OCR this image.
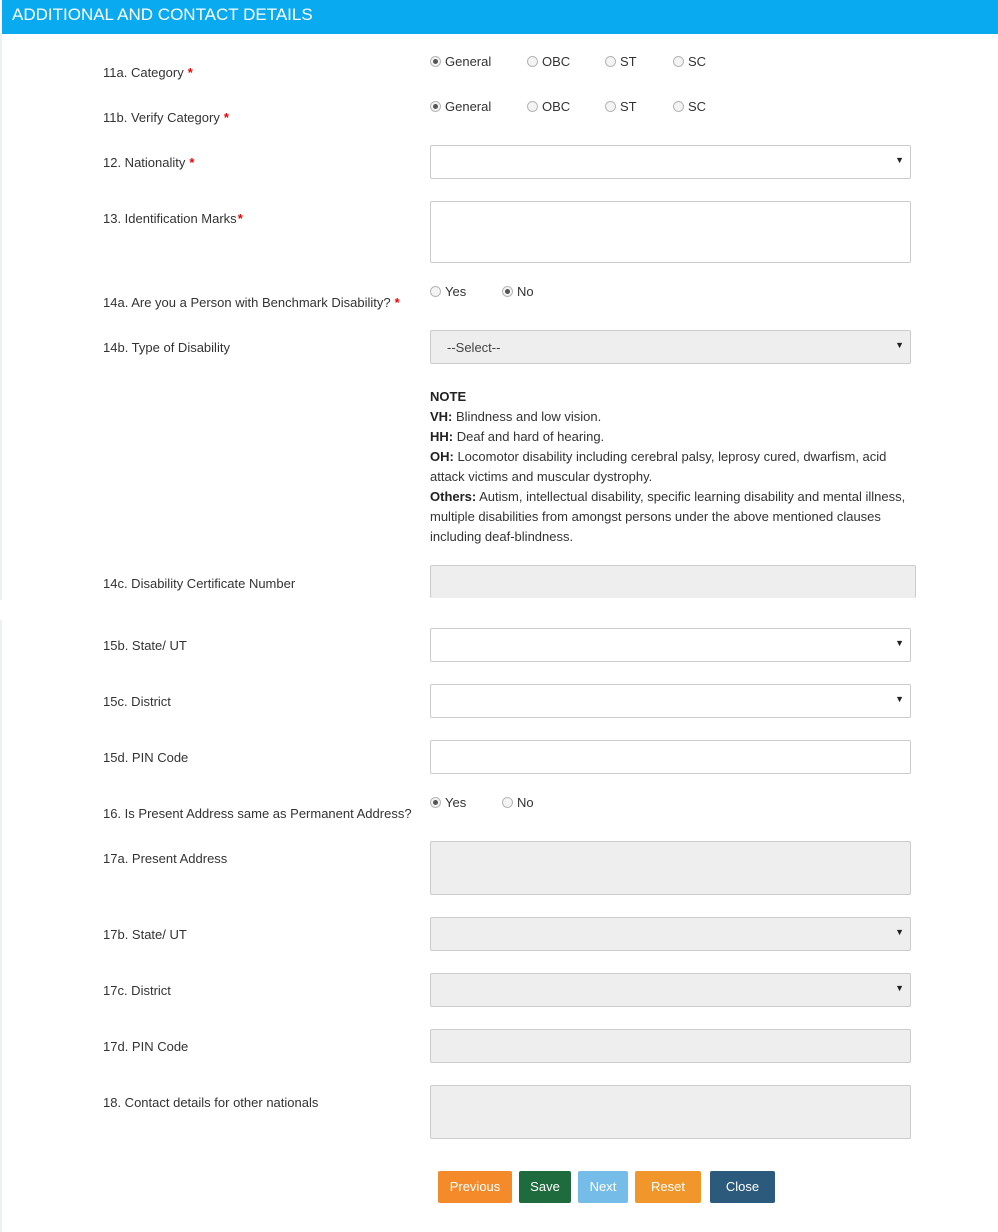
ADDITIONAL AND CONTACT DETAILS
11a. Category *
General	OBC	ST	SC
11b. Verify Category *
General	OBC	ST	SC
12. Nationality *	▼
13. Identification Marks*
14a. Are you a Person with Benchmark Disability? *
Yes	No
14b. Type of Disability	--Select--	▼
NOTE
VH: Blindness and low vision.
HH: Deaf and hard of hearing.
OH: Locomotor disability including cerebral palsy, leprosy cured, dwarfism, acid attack victims and muscular dystrophy.
Others: Autism, intellectual disability, specific learning disability and mental illness, multiple disabilities from amongst persons under the above mentioned clauses including deaf-blindness.
14c. Disability Certificate Number
15b. State/ UT	▼
15c. District	▼
15d. PIN Code
16. Is Present Address same as Permanent Address?
Yes	No
17a. Present Address
17b. State/ UT	▼
17c. District	▼
17d. PIN Code
18. Contact details for other nationals
Previous	Save	Next	Reset	Close
